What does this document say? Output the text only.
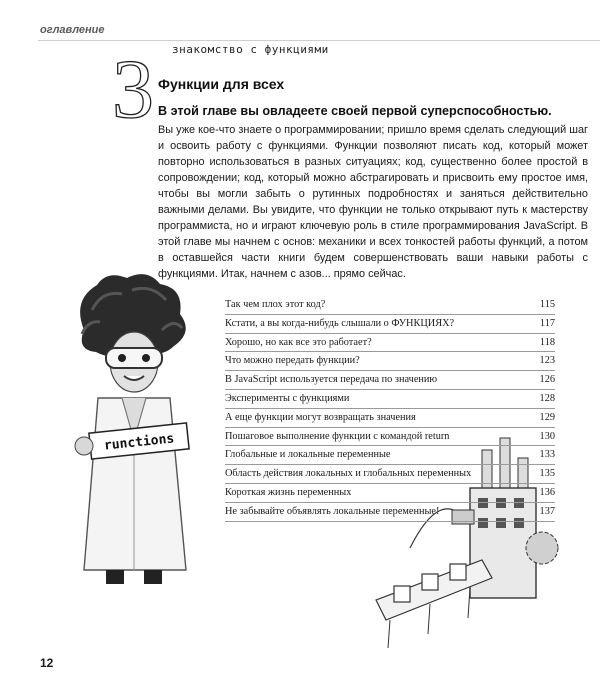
оглавление
знакомство с функциями
3 Функции для всех
В этой главе вы овладеете своей первой суперспособностью.
Вы уже кое-что знаете о программировании; пришло время сделать следующий шаг и освоить работу с функциями. Функции позволяют писать код, который может повторно использоваться в разных ситуациях; код, существенно более простой в сопровождении; код, который можно абстрагировать и присвоить ему простое имя, чтобы вы могли забыть о рутинных подробностях и заняться действительно важными делами. Вы увидите, что функции не только открывают путь к мастерству программиста, но и играют ключевую роль в стиле программирования JavaScript. В этой главе мы начнем с основ: механики и всех тонкостей работы функций, а потом в оставшейся части книги будем совершенствовать ваши навыки работы с функциями. Итак, начнем с азов... прямо сейчас.
runctions
Так чем плох этот код?	115
Кстати, а вы когда-нибудь слышали о ФУНКЦИЯХ?	117
Хорошо, но как все это работает?	118
Что можно передать функции?	123
В JavaScript используется передача по значению	126
Эксперименты с функциями	128
А еще функции могут возвращать значения	129
Пошаговое выполнение функции с командой return	130
Глобальные и локальные переменные	133
Область действия локальных и глобальных переменных	135
Короткая жизнь переменных	136
Не забывайте объявлять локальные переменные!	137
12
